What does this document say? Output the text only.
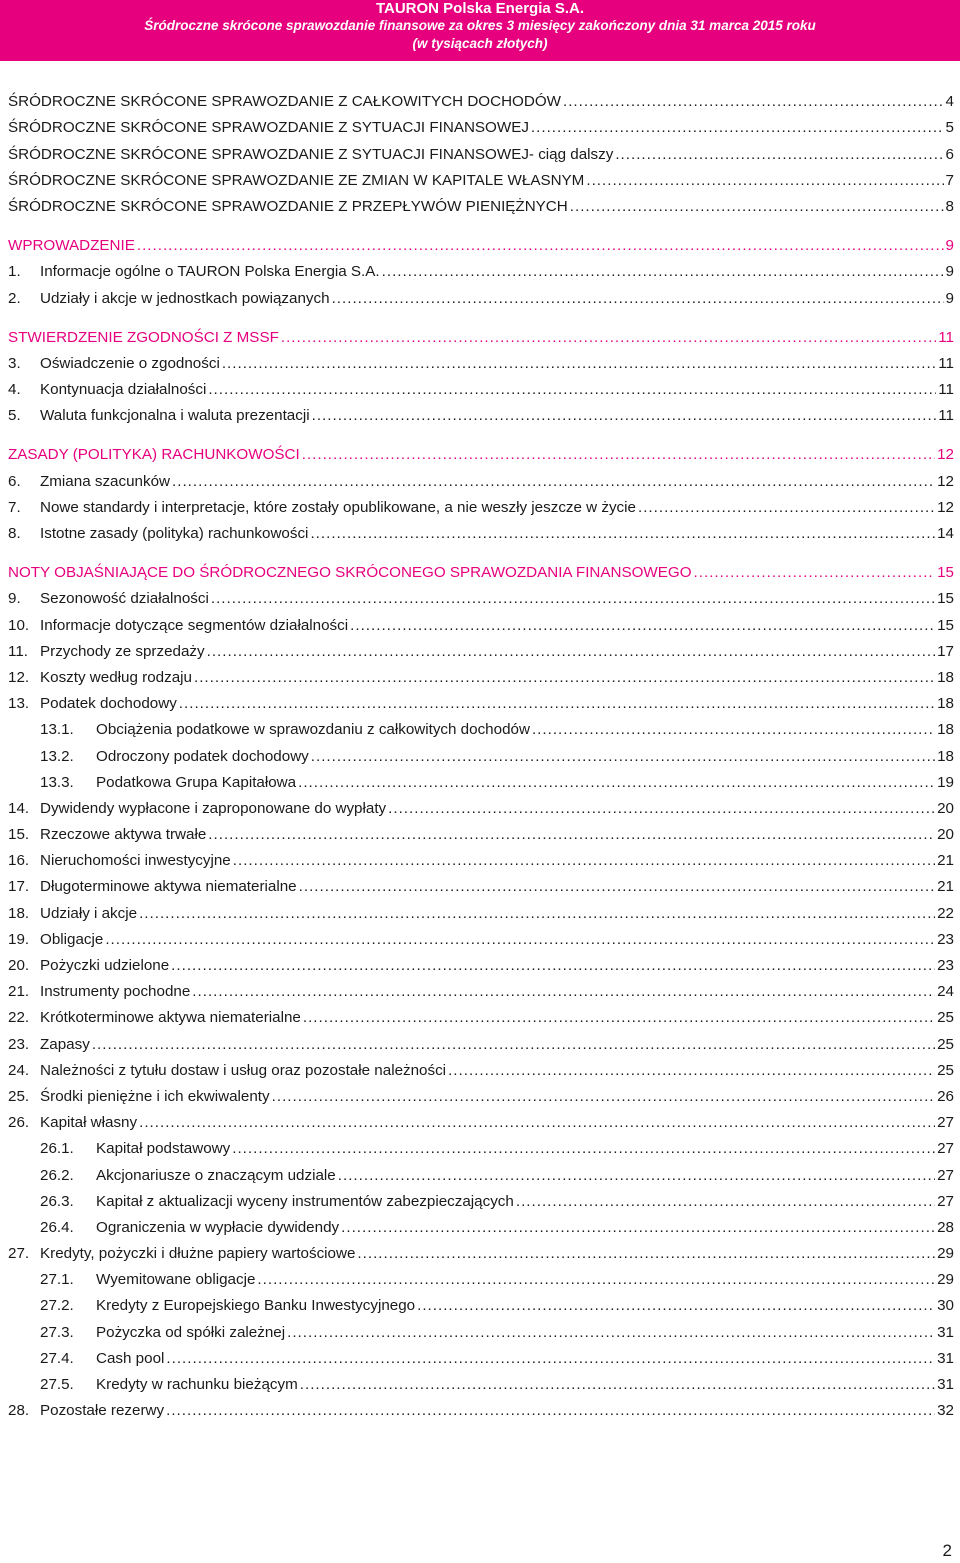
TAURON Polska Energia S.A.
Śródroczne skrócone sprawozdanie finansowe za okres 3 miesięcy zakończony dnia 31 marca 2015 roku
(w tysiącach złotych)
ŚRÓDROCZNE SKRÓCONE SPRAWOZDANIE Z CAŁKOWITYCH DOCHODÓW .....	4
ŚRÓDROCZNE SKRÓCONE SPRAWOZDANIE Z SYTUACJI FINANSOWEJ .....	5
ŚRÓDROCZNE SKRÓCONE SPRAWOZDANIE Z SYTUACJI FINANSOWEJ- ciąg dalszy .....	6
ŚRÓDROCZNE SKRÓCONE SPRAWOZDANIE ZE ZMIAN W KAPITALE WŁASNYM .....	7
ŚRÓDROCZNE SKRÓCONE SPRAWOZDANIE Z PRZEPŁYWÓW PIENIĘŻNYCH .....	8
WPROWADZENIE .....	9
1.	Informacje ogólne o TAURON Polska Energia S.A. .....	9
2.	Udziały i akcje w jednostkach powiązanych .....	9
STWIERDZENIE ZGODNOŚCI Z MSSF .....	11
3.	Oświadczenie o zgodności .....	11
4.	Kontynuacja działalności .....	11
5.	Waluta funkcjonalna i waluta prezentacji .....	11
ZASADY (POLITYKA) RACHUNKOWOŚCI .....	12
6.	Zmiana szacunków .....	12
7.	Nowe standardy i interpretacje, które zostały opublikowane, a nie weszły jeszcze w życie .....	12
8.	Istotne zasady (polityka) rachunkowości .....	14
NOTY OBJAŚNIAJĄCE DO ŚRÓDROCZNEGO SKRÓCONEGO SPRAWOZDANIA FINANSOWEGO .....	15
9.	Sezonowość działalności .....	15
10. Informacje dotyczące segmentów działalności .....	15
11. Przychody ze sprzedaży .....	17
12. Koszty według rodzaju .....	18
13. Podatek dochodowy .....	18
13.1.	Obciążenia podatkowe w sprawozdaniu z całkowitych dochodów .....	18
13.2.	Odroczony podatek dochodowy .....	18
13.3.	Podatkowa Grupa Kapitałowa .....	19
14. Dywidendy wypłacone i zaproponowane do wypłaty .....	20
15. Rzeczowe aktywa trwałe .....	20
16. Nieruchomości inwestycyjne .....	21
17. Długoterminowe aktywa niematerialne .....	21
18. Udziały i akcje .....	22
19. Obligacje .....	23
20. Pożyczki udzielone .....	23
21. Instrumenty pochodne .....	24
22. Krótkoterminowe aktywa niematerialne .....	25
23. Zapasy .....	25
24. Należności z tytułu dostaw i usług oraz pozostałe należności .....	25
25. Środki pieniężne i ich ekwiwalenty .....	26
26. Kapitał własny .....	27
26.1.	Kapitał podstawowy .....	27
26.2.	Akcjonariusze o znaczącym udziale .....	27
26.3.	Kapitał z aktualizacji wyceny instrumentów zabezpieczających .....	27
26.4.	Ograniczenia w wypłacie dywidendy .....	28
27. Kredyty, pożyczki i dłużne papiery wartościowe .....	29
27.1.	Wyemitowane obligacje .....	29
27.2.	Kredyty z Europejskiego Banku Inwestycyjnego .....	30
27.3.	Pożyczka od spółki zależnej .....	31
27.4.	Cash pool .....	31
27.5.	Kredyty w rachunku bieżącym .....	31
28. Pozostałe rezerwy .....	32
2
